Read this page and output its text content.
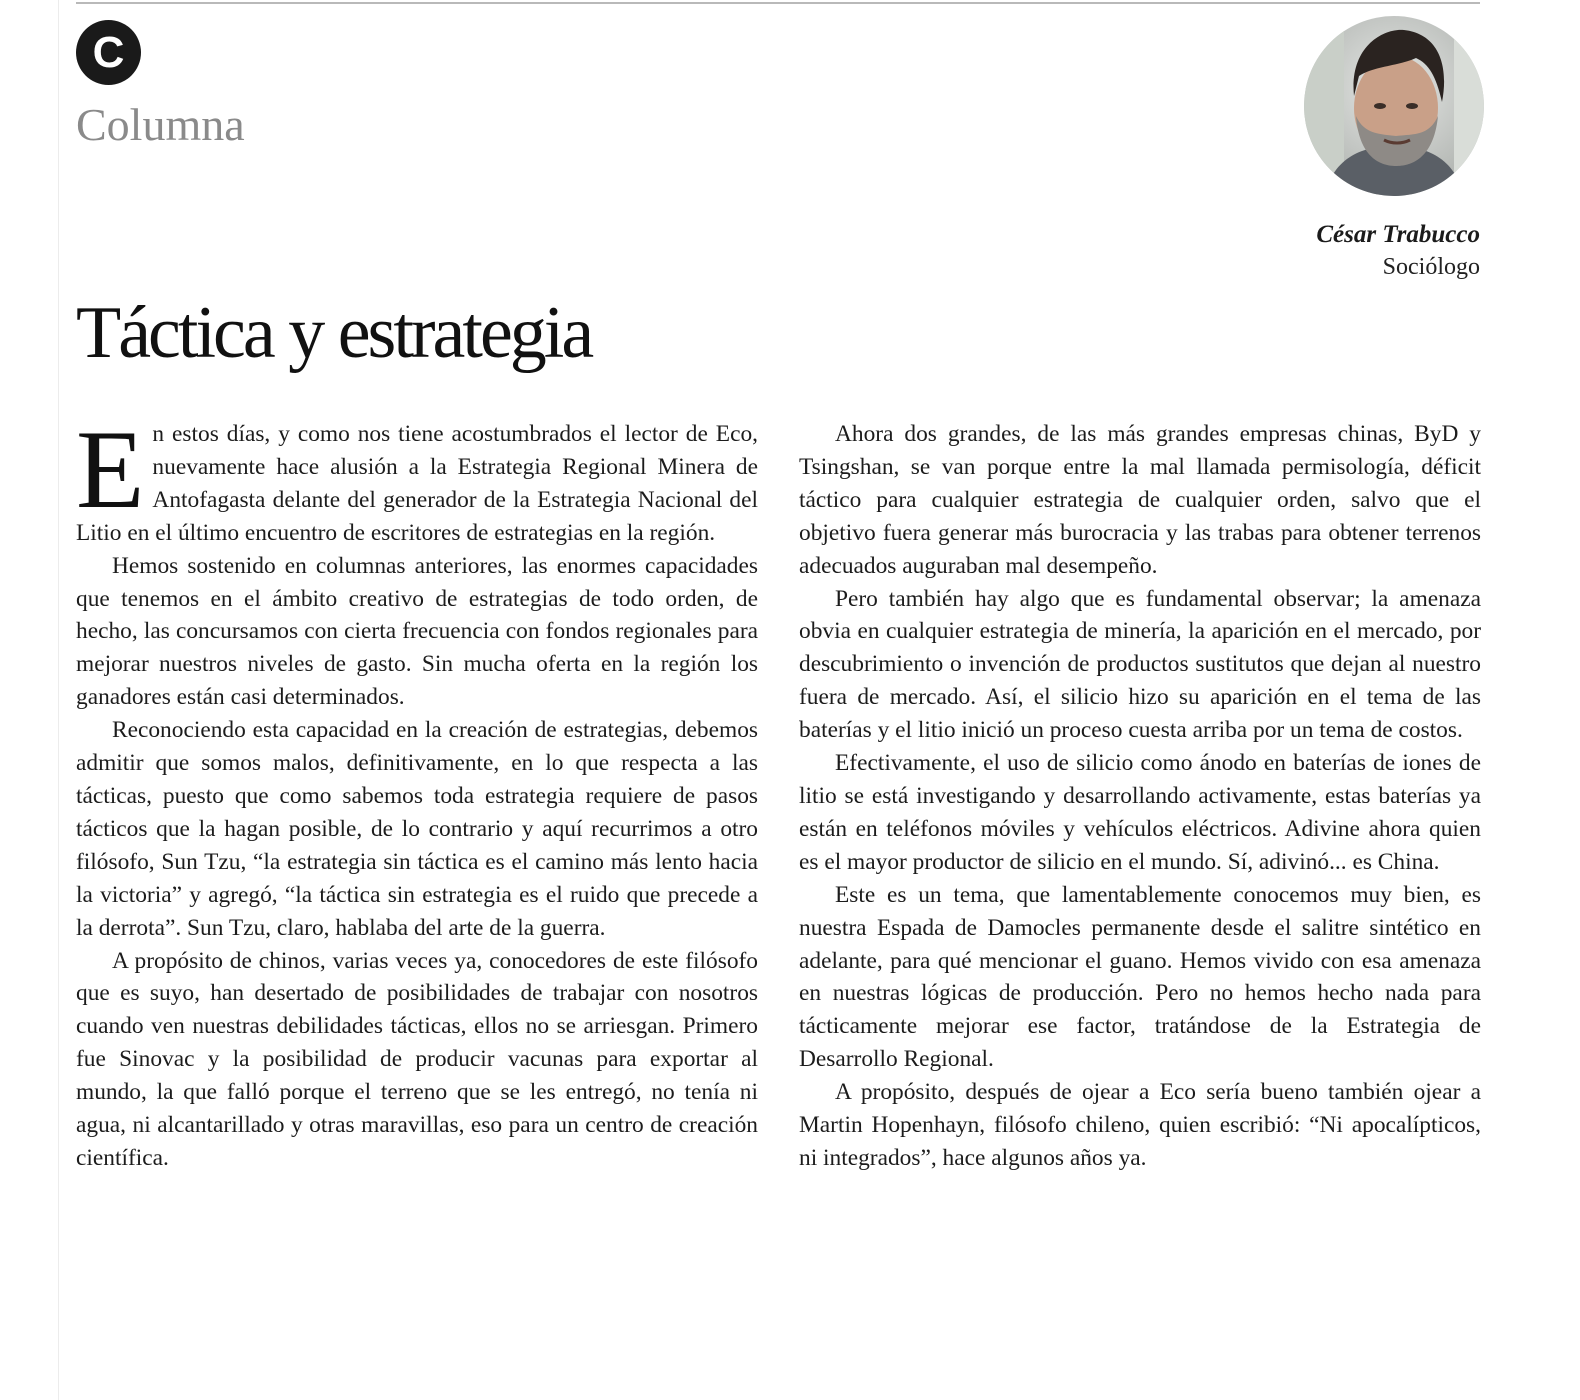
C
Columna
César Trabucco
Sociólogo
Táctica y estrategia

En estos días, y como nos tiene acostumbrados el lector de Eco, nuevamente hace alusión a la Estrategia Regional Minera de Antofagasta delante del generador de la Estrategia Nacional del Litio en el último encuentro de escritores de estrategias en la región.

Hemos sostenido en columnas anteriores, las enormes capacidades que tenemos en el ámbito creativo de estrategias de todo orden, de hecho, las concursamos con cierta frecuencia con fondos regionales para mejorar nuestros niveles de gasto. Sin mucha oferta en la región los ganadores están casi determinados.

Reconociendo esta capacidad en la creación de estrategias, debemos admitir que somos malos, definitivamente, en lo que respecta a las tácticas, puesto que como sabemos toda estrategia requiere de pasos tácticos que la hagan posible, de lo contrario y aquí recurrimos a otro filósofo, Sun Tzu, “la estrategia sin táctica es el camino más lento hacia la victoria” y agregó, “la táctica sin estrategia es el ruido que precede a la derrota”. Sun Tzu, claro, hablaba del arte de la guerra.

A propósito de chinos, varias veces ya, conocedores de este filósofo que es suyo, han desertado de posibilidades de trabajar con nosotros cuando ven nuestras debilidades tácticas, ellos no se arriesgan. Primero fue Sinovac y la posibilidad de producir vacunas para exportar al mundo, la que falló porque el terreno que se les entregó, no tenía ni agua, ni alcantarillado y otras maravillas, eso para un centro de creación científica.

Ahora dos grandes, de las más grandes empresas chinas, ByD y Tsingshan, se van porque entre la mal llamada permisología, déficit táctico para cualquier estrategia de cualquier orden, salvo que el objetivo fuera generar más burocracia y las trabas para obtener terrenos adecuados auguraban mal desempeño.

Pero también hay algo que es fundamental observar; la amenaza obvia en cualquier estrategia de minería, la aparición en el mercado, por descubrimiento o invención de productos sustitutos que dejan al nuestro fuera de mercado. Así, el silicio hizo su aparición en el tema de las baterías y el litio inició un proceso cuesta arriba por un tema de costos.

Efectivamente, el uso de silicio como ánodo en baterías de iones de litio se está investigando y desarrollando activamente, estas baterías ya están en teléfonos móviles y vehículos eléctricos. Adivine ahora quien es el mayor productor de silicio en el mundo. Sí, adivinó... es China.

Este es un tema, que lamentablemente conocemos muy bien, es nuestra Espada de Damocles permanente desde el salitre sintético en adelante, para qué mencionar el guano. Hemos vivido con esa amenaza en nuestras lógicas de producción. Pero no hemos hecho nada para tácticamente mejorar ese factor, tratándose de la Estrategia de Desarrollo Regional.

A propósito, después de ojear a Eco sería bueno también ojear a Martin Hopenhayn, filósofo chileno, quien escribió: “Ni apocalípticos, ni integrados”, hace algunos años ya.
